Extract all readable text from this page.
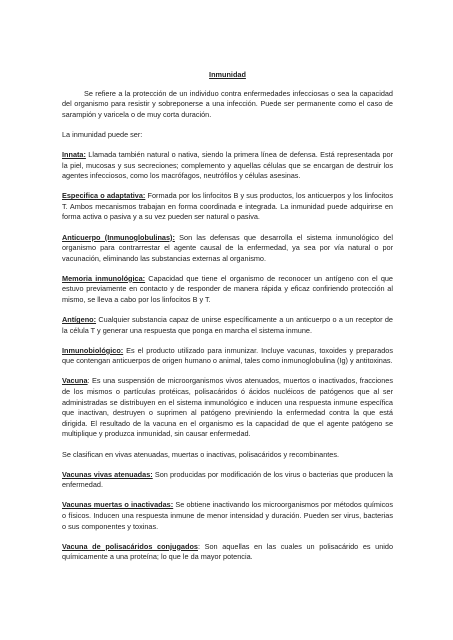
Inmunidad

Se refiere a la protección de un individuo contra enfermedades infecciosas o sea la capacidad del organismo para resistir y sobreponerse a una infección. Puede ser permanente como el caso de sarampión y varicela o de muy corta duración.

La inmunidad puede ser:

Innata: Llamada también natural o nativa, siendo la primera línea de defensa. Está representada por la piel, mucosas y sus secreciones; complemento y aquellas células que se encargan de destruir los agentes infecciosos, como los macrófagos, neutrófilos y células asesinas.

Especifica o adaptativa: Formada por los linfocitos B y sus productos, los anticuerpos y los linfocitos T. Ambos mecanismos trabajan en forma coordinada e integrada. La inmunidad puede adquirirse en forma activa o pasiva y a su vez pueden ser natural o pasiva.

Anticuerpo (Inmunoglobulinas): Son las defensas que desarrolla el sistema inmunológico del organismo para contrarrestar el agente causal de la enfermedad, ya sea por vía natural o por vacunación, eliminando las substancias externas al organismo.

Memoria inmunológica: Capacidad que tiene el organismo de reconocer un antígeno con el que estuvo previamente en contacto y de responder de manera rápida y eficaz confiriendo protección al mismo, se lleva a cabo por los linfocitos B y T.

Antígeno: Cualquier substancia capaz de unirse específicamente a un anticuerpo o a un receptor de la célula T y generar una respuesta que ponga en marcha el sistema inmune.

Inmunobiológico: Es el producto utilizado para inmunizar. Incluye vacunas, toxoides y preparados que contengan anticuerpos de origen humano o animal, tales como inmunoglobulina (Ig) y antitoxinas.

Vacuna: Es una suspensión de microorganismos vivos atenuados, muertos o inactivados, fracciones de los mismos o partículas protéicas, polisacáridos ó ácidos nucléicos de patógenos que al ser administradas se distribuyen en el sistema inmunológico e inducen una respuesta inmune específica que inactivan, destruyen o suprimen al patógeno previniendo la enfermedad contra la que está dirigida. El resultado de la vacuna en el organismo es la capacidad de que el agente patógeno se multiplique y produzca inmunidad, sin causar enfermedad.

Se clasifican en vivas atenuadas, muertas o inactivas, polisacáridos y recombinantes.

Vacunas vivas atenuadas: Son producidas por modificación de los virus o bacterias que producen la enfermedad.

Vacunas muertas o inactivadas: Se obtiene inactivando los microorganismos por métodos químicos o físicos. Inducen una respuesta inmune de menor intensidad y duración. Pueden ser virus, bacterias o sus componentes y toxinas.

Vacuna de polisacáridos conjugados: Son aquellas en las cuales un polisacárido es unido químicamente a una proteína; lo que le da mayor potencia.
